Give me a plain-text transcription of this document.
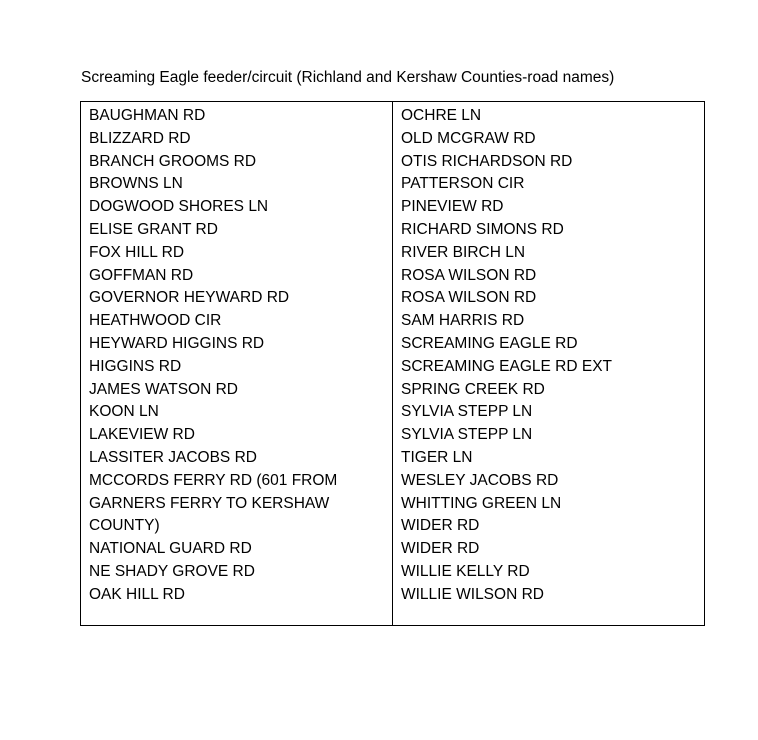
Screaming Eagle feeder/circuit (Richland and Kershaw Counties-road names)
BAUGHMAN RD
BLIZZARD RD
BRANCH GROOMS RD
BROWNS LN
DOGWOOD SHORES LN
ELISE GRANT RD
FOX HILL RD
GOFFMAN RD
GOVERNOR HEYWARD RD
HEATHWOOD CIR
HEYWARD HIGGINS RD
HIGGINS RD
JAMES WATSON RD
KOON LN
LAKEVIEW RD
LASSITER JACOBS RD
MCCORDS FERRY RD (601 FROM
GARNERS FERRY TO KERSHAW
COUNTY)
NATIONAL GUARD RD
NE SHADY GROVE RD
OAK HILL RD
OCHRE LN
OLD MCGRAW RD
OTIS RICHARDSON RD
PATTERSON CIR
PINEVIEW RD
RICHARD SIMONS RD
RIVER BIRCH LN
ROSA WILSON RD
ROSA WILSON RD
SAM HARRIS RD
SCREAMING EAGLE RD
SCREAMING EAGLE RD EXT
SPRING CREEK RD
SYLVIA STEPP LN
SYLVIA STEPP LN
TIGER LN
WESLEY JACOBS RD
WHITTING GREEN LN
WIDER RD
WIDER RD
WILLIE KELLY RD
WILLIE WILSON RD
